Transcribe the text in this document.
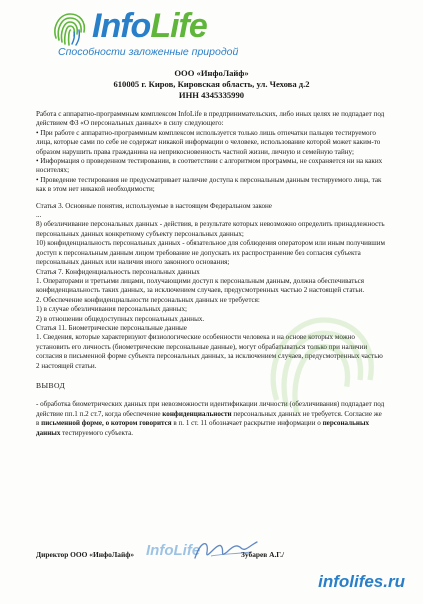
InfoLife
Способности заложенные природой
ООО «ИнфоЛайф»
610005 г. Киров, Кировская область, ул. Чехова д.2
ИНН 4345335990

Работа с аппаратно-программным комплексом InfoLife в предпринимательских, либо иных целях не подпадает под действием ФЗ «О персональных данных» в силу следующего:

• При работе с аппаратно-программным комплексом используется только лишь отпечатки пальцев тестируемого лица, которые сами по себе не содержат никакой информации о человеке, использование которой может каким-то образом нарушить права гражданина на неприкосновенность частной жизни, личную и семейную тайну;

• Информация о проведенном тестировании, в соответствии с алгоритмом программы, не сохраняется ни на каких носителях;

• Проведение тестирования не предусматривает наличие доступа к персональным данным тестируемого лица, так как в этом нет никакой необходимости;

Статья 3. Основные понятия, используемые в настоящем Федеральном законе

...

8) обезличивание персональных данных - действия, в результате которых невозможно определить принадлежность персональных данных конкретному субъекту персональных данных;

10) конфиденциальность персональных данных - обязательное для соблюдения оператором или иным получившим доступ к персональным данным лицом требование не допускать их распространение без согласия субъекта персональных данных или наличия иного законного основания;

Статья 7. Конфиденциальность персональных данных

1. Операторами и третьими лицами, получающими доступ к персональным данным, должна обеспечиваться конфиденциальность таких данных, за исключением случаев, предусмотренных частью 2 настоящей статьи.

2. Обеспечение конфиденциальности персональных данных не требуется:

1) в случае обезличивания персональных данных;

2) в отношении общедоступных персональных данных.

Статья 11. Биометрические персональные данные

1. Сведения, которые характеризуют физиологические особенности человека и на основе которых можно установить его личность (биометрические персональные данные), могут обрабатываться только при наличии согласия в письменной форме субъекта персональных данных, за исключением случаев, предусмотренных частью 2 настоящей статьи.

ВЫВОД

- обработка биометрических данных при невозможности идентификации личности (обезличивания) подпадает под действие пп.1 п.2 ст.7, когда обеспечение конфиденциальности персональных данных не требуется. Согласие же в письменной форме, о котором говорится в п. 1 ст. 11 обозначает раскрытие информации о персональных данных тестируемого субъекта.

Директор ООО «ИнфоЛайф» InfoLife	Зубарев А.Г./
infolifes.ru
